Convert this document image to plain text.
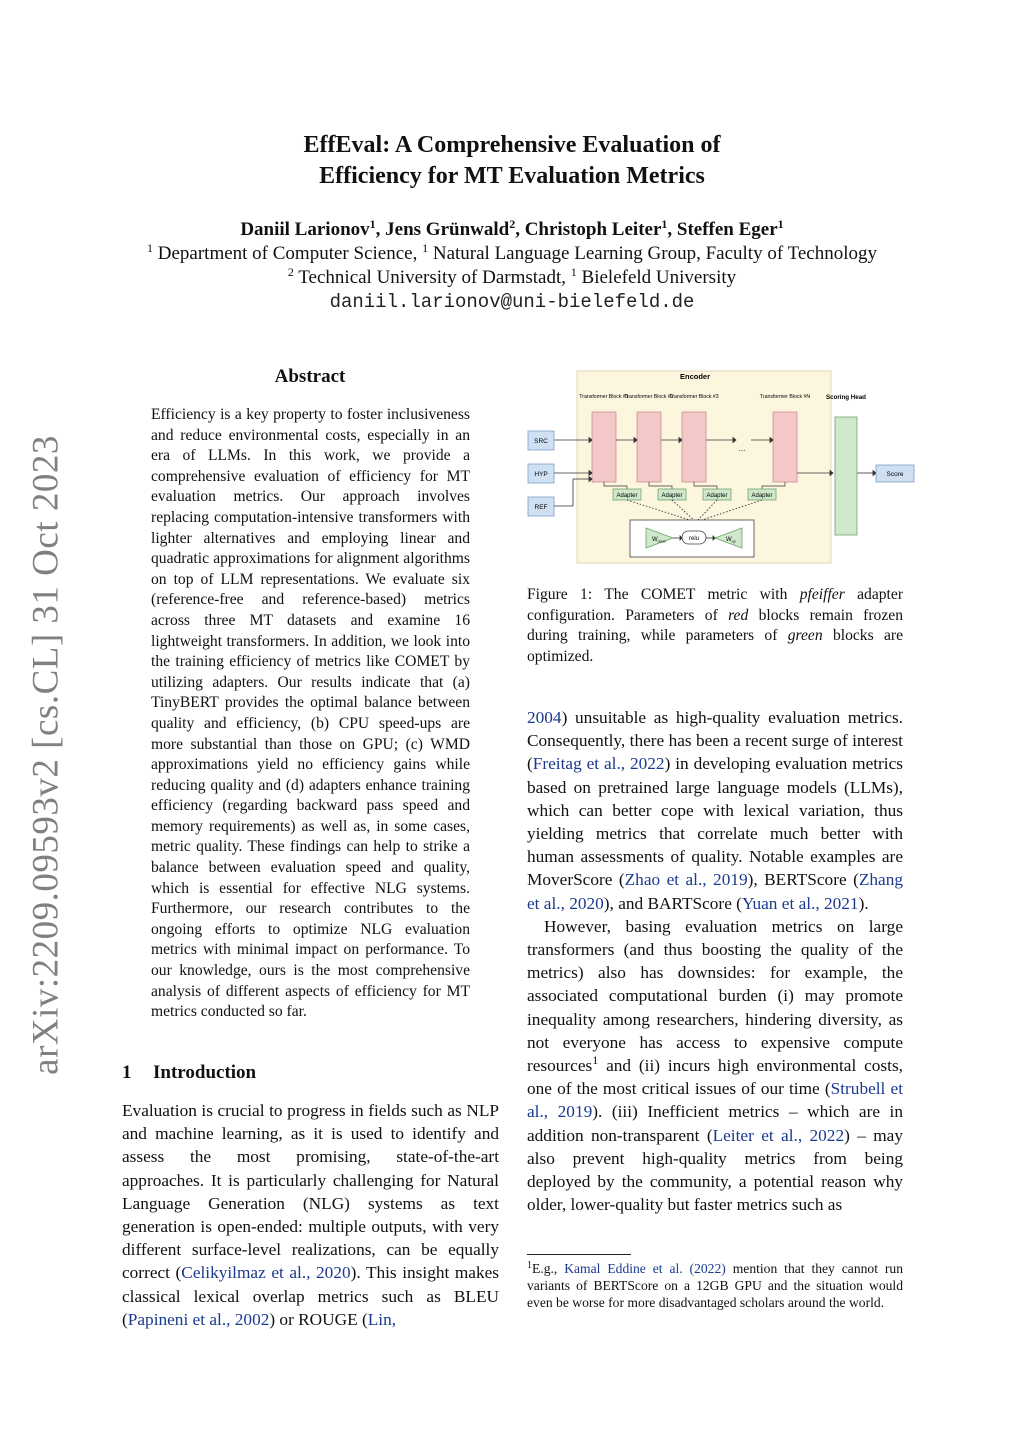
arXiv:2209.09593v2 [cs.CL] 31 Oct 2023
EffEval: A Comprehensive Evaluation of
Efficiency for MT Evaluation Metrics
Daniil Larionov$^1$, Jens Grünwald$^2$, Christoph Leiter$^1$, Steffen Eger$^1$
$^1$ Department of Computer Science, $^1$ Natural Language Learning Group, Faculty of Technology
$^2$ Technical University of Darmstadt, $^1$ Bielefeld University
daniil.larionov@uni-bielefeld.de
Abstract
Efficiency is a key property to foster inclusiveness and reduce environmental costs, especially in an era of LLMs. In this work, we provide a comprehensive evaluation of efficiency for MT evaluation metrics. Our approach involves replacing computation-intensive transformers with lighter alternatives and employing linear and quadratic approximations for alignment algorithms on top of LLM representations. We evaluate six (reference-free and reference-based) metrics across three MT datasets and examine 16 lightweight transformers. In addition, we look into the training efficiency of metrics like COMET by utilizing adapters. Our results indicate that (a) TinyBERT provides the optimal balance between quality and efficiency, (b) CPU speed-ups are more substantial than those on GPU; (c) WMD approximations yield no efficiency gains while reducing quality and (d) adapters enhance training efficiency (regarding backward pass speed and memory requirements) as well as, in some cases, metric quality. These findings can help to strike a balance between evaluation speed and quality, which is essential for effective NLG systems. Furthermore, our research contributes to the ongoing efforts to optimize NLG evaluation metrics with minimal impact on performance. To our knowledge, ours is the most comprehensive analysis of different aspects of efficiency for MT metrics conducted so far.
1 Introduction
Evaluation is crucial to progress in fields such as NLP and machine learning, as it is used to identify and assess the most promising, state-of-the-art approaches. It is particularly challenging for Natural Language Generation (NLG) systems as text generation is open-ended: multiple outputs, with very different surface-level realizations, can be equally correct (Celikyilmaz et al., 2020). This insight makes classical lexical overlap metrics such as BLEU (Papineni et al., 2002) or ROUGE (Lin,
Encoder
Transformer Block #1
Transformer Block #2
Transformer Block #3	Transformer Block #N
...
SRC
HYP
REF
Adapter	Adapter	Adapter	Adapter
$W_{down}$	relu	$W_{up}$
Scoring Head
Score
Figure 1: The COMET metric with pfeiffer adapter configuration. Parameters of red blocks remain frozen during training, while parameters of green blocks are optimized.

2004) unsuitable as high-quality evaluation metrics. Consequently, there has been a recent surge of interest (Freitag et al., 2022) in developing evaluation metrics based on pretrained large language models (LLMs), which can better cope with lexical variation, thus yielding metrics that correlate much better with human assessments of quality. Notable examples are MoverScore (Zhao et al., 2019), BERTScore (Zhang et al., 2020), and BARTScore (Yuan et al., 2021).

However, basing evaluation metrics on large transformers (and thus boosting the quality of the metrics) also has downsides: for example, the associated computational burden (i) may promote inequality among researchers, hindering diversity, as not everyone has access to expensive compute resources$^1$ and (ii) incurs high environmental costs, one of the most critical issues of our time (Strubell et al., 2019). (iii) Inefficient metrics – which are in addition non-transparent (Leiter et al., 2022) – may also prevent high-quality metrics from being deployed by the community, a potential reason why older, lower-quality but faster metrics such as

$^1$E.g., Kamal Eddine et al. (2022) mention that they cannot run variants of BERTScore on a 12GB GPU and the situation would even be worse for more disadvantaged scholars around the world.
